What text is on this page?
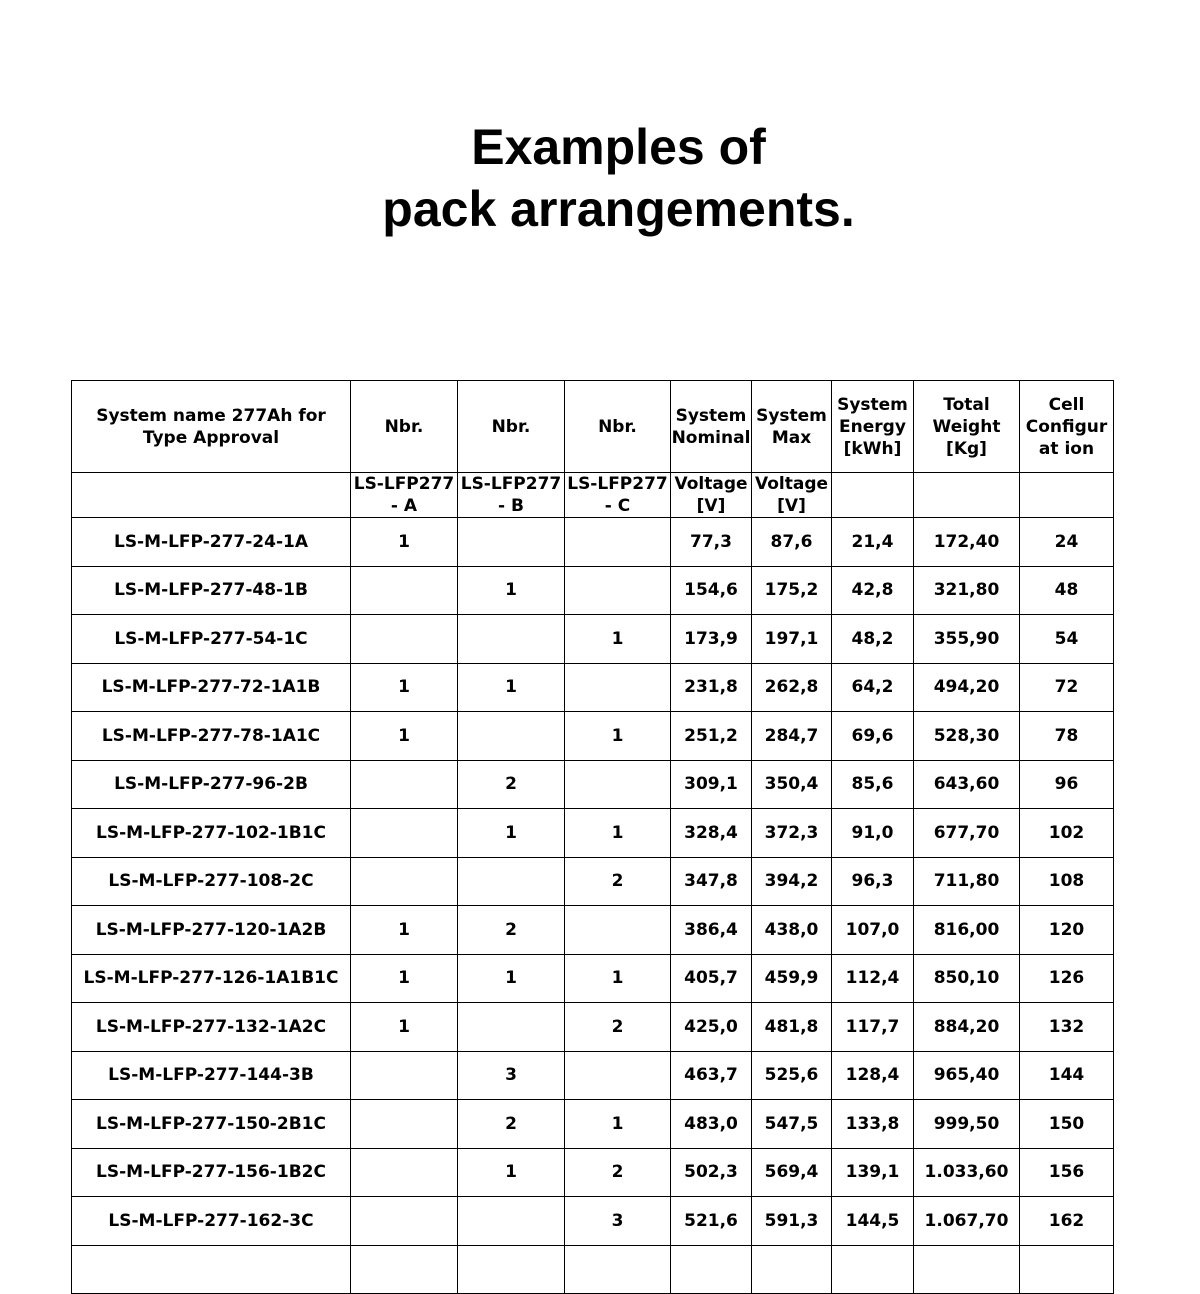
Examples of
pack arrangements.
System name 277Ah for Type Approval	Nbr.	Nbr.	Nbr.	System Nominal	System Max	System Energy [kWh]	Total Weight [Kg]	Cell Configur at ion

	LS-LFP277 - A	LS-LFP277 - B	LS-LFP277 - C	Voltage [V]	Voltage [V]			

LS-M-LFP-277-24-1A	1			77,3	87,6	21,4	172,40	24
LS-M-LFP-277-48-1B		1		154,6	175,2	42,8	321,80	48
LS-M-LFP-277-54-1C			1	173,9	197,1	48,2	355,90	54
LS-M-LFP-277-72-1A1B	1	1		231,8	262,8	64,2	494,20	72
LS-M-LFP-277-78-1A1C	1		1	251,2	284,7	69,6	528,30	78
LS-M-LFP-277-96-2B		2		309,1	350,4	85,6	643,60	96
LS-M-LFP-277-102-1B1C		1	1	328,4	372,3	91,0	677,70	102
LS-M-LFP-277-108-2C			2	347,8	394,2	96,3	711,80	108
LS-M-LFP-277-120-1A2B	1	2		386,4	438,0	107,0	816,00	120
LS-M-LFP-277-126-1A1B1C	1	1	1	405,7	459,9	112,4	850,10	126
LS-M-LFP-277-132-1A2C	1		2	425,0	481,8	117,7	884,20	132
LS-M-LFP-277-144-3B		3		463,7	525,6	128,4	965,40	144
LS-M-LFP-277-150-2B1C		2	1	483,0	547,5	133,8	999,50	150
LS-M-LFP-277-156-1B2C		1	2	502,3	569,4	139,1	1.033,60	156
LS-M-LFP-277-162-3C			3	521,6	591,3	144,5	1.067,70	162
